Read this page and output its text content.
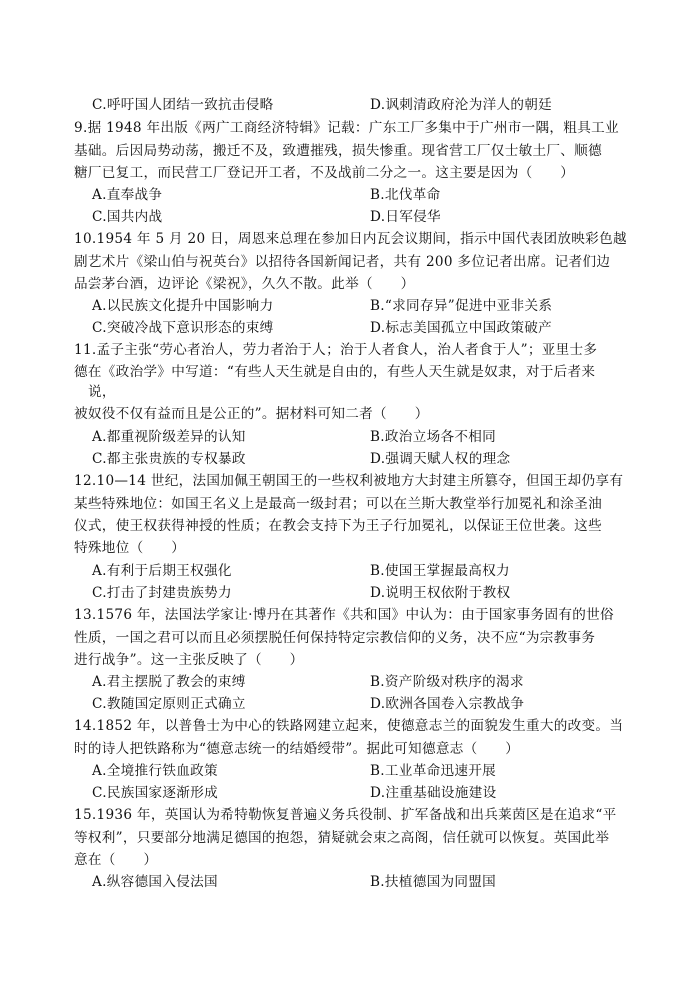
C.呼吁国人团结一致抗击侵略	D.讽刺清政府沦为洋人的朝廷
9.据 1948 年出版《两广工商经济特辑》记载：广东工厂多集中于广州市一隅，粗具工业
基础。后因局势动荡，搬迁不及，致遭摧残，损失惨重。现省营工厂仅士敏土厂、顺德
糖厂已复工，而民营工厂登记开工者，不及战前二分之一。这主要是因为（　　）
A.直奉战争	B.北伐革命
C.国共内战	D.日军侵华
10.1954 年 5 月 20 日，周恩来总理在参加日内瓦会议期间，指示中国代表团放映彩色越
剧艺术片《梁山伯与祝英台》以招待各国新闻记者，共有 200 多位记者出席。记者们边
品尝茅台酒，边评论《梁祝》，久久不散。此举（　　）
A.以民族文化提升中国影响力	B.“求同存异”促进中亚非关系
C.突破冷战下意识形态的束缚	D.标志美国孤立中国政策破产
11.孟子主张“劳心者治人，劳力者治于人；治于人者食人，治人者食于人”；亚里士多
德在《政治学》中写道：“有些人天生就是自由的，有些人天生就是奴隶，对于后者来
说，
被奴役不仅有益而且是公正的”。据材料可知二者（　　）
A.都重视阶级差异的认知	B.政治立场各不相同
C.都主张贵族的专权暴政	D.强调天赋人权的理念
12.10—14 世纪，法国加佩王朝国王的一些权利被地方大封建主所篡夺，但国王却仍享有
某些特殊地位：如国王名义上是最高一级封君；可以在兰斯大教堂举行加冕礼和涂圣油
仪式，使王权获得神授的性质；在教会支持下为王子行加冕礼，以保证王位世袭。这些
特殊地位（　　）
A.有利于后期王权强化	B.使国王掌握最高权力
C.打击了封建贵族势力	D.说明王权依附于教权
13.1576 年，法国法学家让·博丹在其著作《共和国》中认为：由于国家事务固有的世俗
性质，一国之君可以而且必须摆脱任何保持特定宗教信仰的义务，决不应“为宗教事务
进行战争”。这一主张反映了（　　）
A.君主摆脱了教会的束缚	B.资产阶级对秩序的渴求
C.教随国定原则正式确立	D.欧洲各国卷入宗教战争
14.1852 年，以普鲁士为中心的铁路网建立起来，使德意志兰的面貌发生重大的改变。当
时的诗人把铁路称为“德意志统一的结婚绶带”。据此可知德意志（　　）
A.全境推行铁血政策	B.工业革命迅速开展
C.民族国家逐渐形成	D.注重基础设施建设
15.1936 年，英国认为希特勒恢复普遍义务兵役制、扩军备战和出兵莱茵区是在追求“平
等权利”，只要部分地满足德国的抱怨，猜疑就会束之高阁，信任就可以恢复。英国此举
意在（　　）
A.纵容德国入侵法国	B.扶植德国为同盟国
